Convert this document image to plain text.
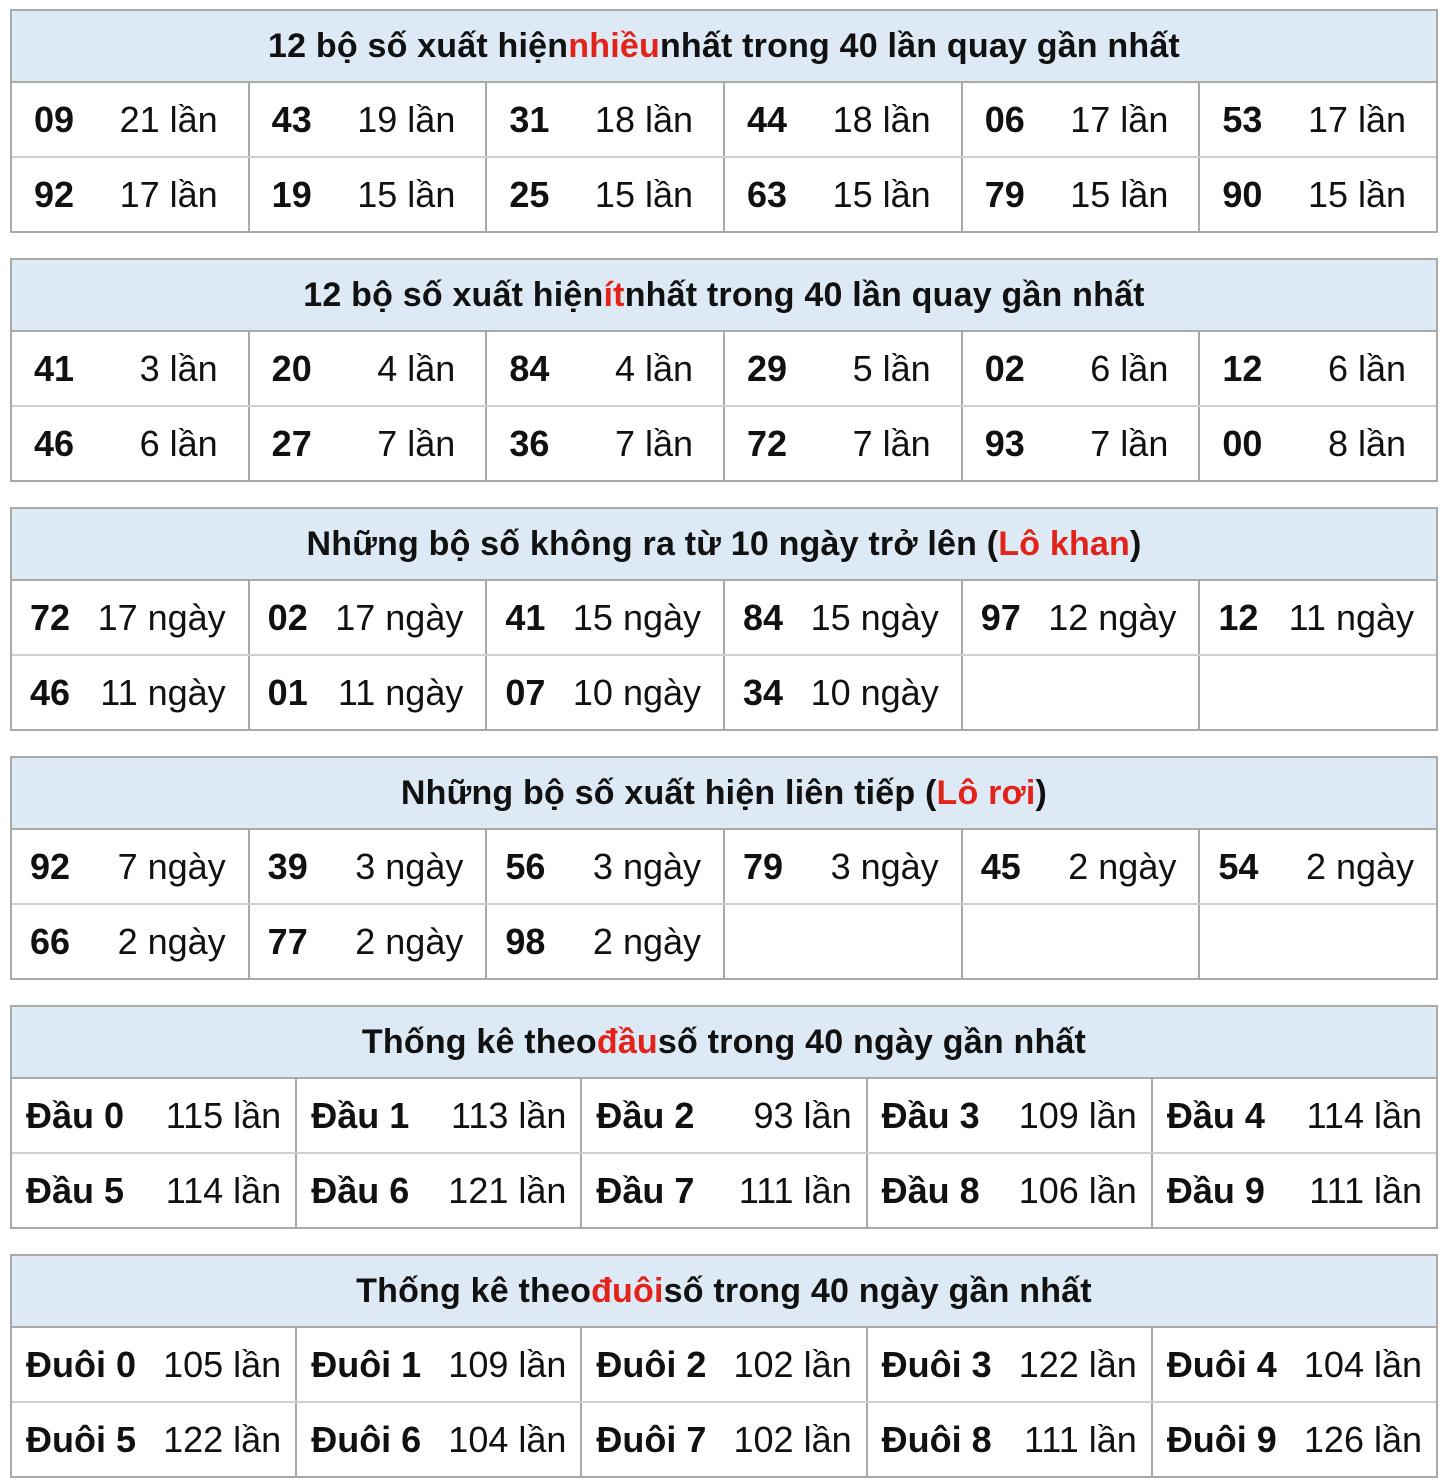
12 bộ số xuất hiện nhiều nhất trong 40 lần quay gần nhất
09 21 lần 43 19 lần 31 18 lần 44 18 lần 06 17 lần 53 17 lần
92 17 lần 19 15 lần 25 15 lần 63 15 lần 79 15 lần 90 15 lần
12 bộ số xuất hiện ít nhất trong 40 lần quay gần nhất
41 3 lần 20 4 lần 84 4 lần 29 5 lần 02 6 lần 12 6 lần
46 6 lần 27 7 lần 36 7 lần 72 7 lần 93 7 lần 00 8 lần
Những bộ số không ra từ 10 ngày trở lên ( Lô khan )
72 17 ngày 02 17 ngày 41 15 ngày 84 15 ngày 97 12 ngày 12 11 ngày
46 11 ngày 01 11 ngày 07 10 ngày 34 10 ngày
Những bộ số xuất hiện liên tiếp ( Lô rơi )
92 7 ngày 39 3 ngày 56 3 ngày 79 3 ngày 45 2 ngày 54 2 ngày
66 2 ngày 77 2 ngày 98 2 ngày
Thống kê theo đầu số trong 40 ngày gần nhất
Đầu 0 115 lần Đầu 1 113 lần Đầu 2 93 lần Đầu 3 109 lần Đầu 4 114 lần
Đầu 5 114 lần Đầu 6 121 lần Đầu 7 111 lần Đầu 8 106 lần Đầu 9 111 lần
Thống kê theo đuôi số trong 40 ngày gần nhất
Đuôi 0 105 lần Đuôi 1 109 lần Đuôi 2 102 lần Đuôi 3 122 lần Đuôi 4 104 lần
Đuôi 5 122 lần Đuôi 6 104 lần Đuôi 7 102 lần Đuôi 8 111 lần Đuôi 9 126 lần
